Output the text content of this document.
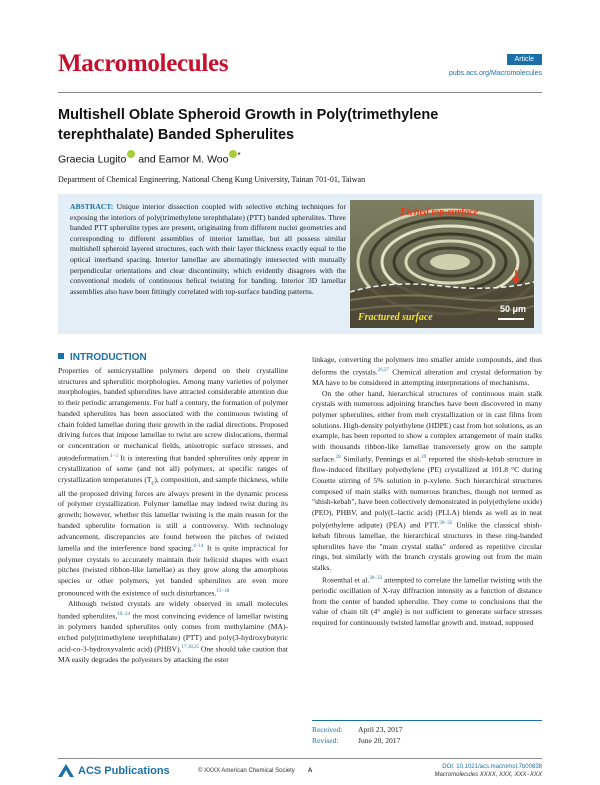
Macromolecules	Article
pubs.acs.org/Macromolecules
Multishell Oblate Spheroid Growth in Poly(trimethylene terephthalate) Banded Spherulites
Graecia Lugito and Eamor M. Woo *
Department of Chemical Engineering, National Cheng Kung University, Tainan 701-01, Taiwan
ABSTRACT: Unique interior dissection coupled with selective etching techniques for exposing the interiors of poly(trimethylene terephthalate) (PTT) banded spherulites. Three banded PTT spherulite types are present, originating from different nuclei geometries and corresponding to different assemblies of interior lamellae, but all possess similar multishell spheroid layered structures, each with their layer thickness exactly equal to the optical interband spacing. Interior lamellae are alternatingly intersected with mutually perpendicular orientations and clear discontinuity, which evidently disagrees with the conventional models of continuous helical twisting for banding. Interior 3D lamellar assemblies also have been fittingly correlated with top-surface banding patterns.
Etched top-surface
Fractured surface
50 μm
INTRODUCTION

Properties of semicrystalline polymers depend on their crystalline structures and spherulitic morphologies. Among many varieties of polymer morphologies, banded spherulites have attracted considerable attention due to their periodic arrangements. For half a century, the formation of polymer banded spherulites has been associated with the continuous twisting of chain folded lamellae during their growth in the radial directions. Proposed driving forces that impose lamellae to twist are screw dislocations, thermal or concentration or mechanical fields, anisotropic surface stresses, and autodeformation.$^{1-3}$ It is interesting that banded spherulites only appear in crystallization of some (and not all) polymers, at specific ranges of crystallization temperatures $(T_c)$, composition, and sample thickness, while all the proposed driving forces are always present in the dynamic process of polymer crystallization. Polymer lamellae may indeed twist during its growth; however, whether this lamellar twisting is the main reason for the banded spherulite formation is still a controversy. With technology advancement, discrepancies are found between the pitches of twisted lamella and the interference band spacing.$^{4-14}$ It is quite impractical for polymer crystals to accurately maintain their helicoid shapes with exact pitches (twisted ribbon-like lamellae) as they grow along the amorphous species or other polymers, yet banded spherulites are even more pronounced with the existence of such disturbances.$^{15-18}$

Although twisted crystals are widely observed in small molecules banded spherulites,$^{19-24}$ the most convincing evidence of lamellar twisting in polymers banded spherulites only comes from methylamine (MA)-etched poly(trimethylene terephthalate) (PTT) and poly(3-hydroxybutyric acid-co-3-hydroxyvaleric acid) (PHBV).$^{17,18,25}$ One should take caution that MA easily degrades the polyesters by attacking the ester

linkage, converting the polymers into smaller amide compounds, and thus deforms the crystals.$^{26,27}$ Chemical alteration and crystal deformation by MA have to be considered in attempting interpretations of mechanisms.

On the other hand, hierarchical structures of continuous main stalk crystals with numerous adjoining branches have been discovered in many polymer spherulites, either from melt crystallization or in cast films from solutions. High-density polyethylene (HDPE) cast from hot solutions, as an example, has been reported to show a complex arrangement of main stalks with thousands ribbon-like lamellae transversely grow on the sample surface.$^{28}$ Similarly, Pennings et al.$^{29}$ reported the shish-kebab structure in flow-induced fibrillary polyethylene (PE) crystallized at 101.8 °C during Couette stirring of 5% solution in p-xylene. Such hierarchical structures composed of main stalks with numerous branches, though not termed as "shish-kebab", have been collectively demonstrated in poly(ethylene oxide) (PEO), PHBV, and poly(L-lactic acid) (PLLA) blends as well as in neat poly(ethylene adipate) (PEA) and PTT.$^{30-32}$ Unlike the classical shish-kebab fibrous lamellae, the hierarchical structures in these ring-banded spherulites have the "main crystal stalks" ordered as repetitive circular rings, but similarly with the branch crystals growing out from the main stalks.

Rosenthal et al.$^{30-32}$ attempted to correlate the lamellar twisting with the periodic oscillation of X-ray diffraction intensity as a function of distance from the center of banded spherulite. They come to conclusions that the value of chain tilt (4° angle) is not sufficient to generate surface stresses required for continuously twisted lamellar growth and, instead, supposed

Received: April 23, 2017
Revised:	June 20, 2017
ACS Publications	© XXXX American Chemical Society A
DOI: 10.1021/acs.macromol.7b00838
Macromolecules XXXX, XXX, XXX−XXX
